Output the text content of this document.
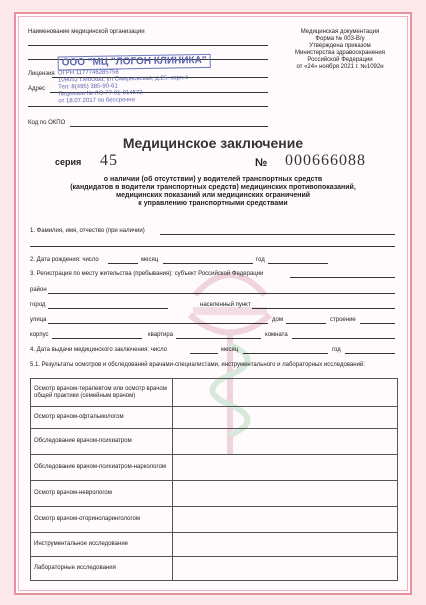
Наименование медицинской организации
Лицензия
Адрес
Код по ОКПО
Медицинская документация
Форма № 003-В/у
Утверждена приказом
Министерства здравоохранения
Российской Федерации
от «24» ноября 2021 г. №1092н
ООО "МЦ "ЛОГОН КЛИНИКА"
ОГРН 1177746285758
109052 г.Москва, ул.Смирновская, д.25, корп.4
Тел: 8(495) 385-90-61
Лицензия № ЛО-77-01-014572
от 18.07.2017 по бессрочно
Медицинское заключение
серия 45	№ 000666088
о наличии (об отсутствии) у водителей транспортных средств
(кандидатов в водители транспортных средств) медицинских противопоказаний,
медицинских показаний или медицинских ограничений
к управлению транспортными средствами
1. Фамилия, имя, отчество (при наличии)
2. Дата рождения: число	месяц	год
3. Регистрация по месту жительства (пребывания): субъект Российской Федерации
район
город	населенный пункт
улица	дом	строение
корпус	квартира	комната
4. Дата выдачи медицинского заключения: число	месяц	год
5.1. Результаты осмотров и обследований врачами-специалистами, инструментального и лабораторных исследований:
Осмотр врачом-терапевтом или осмотр врачом общей практики (семейным врачом)	
Осмотр врачом-офтальмологом	
Обследование врачом-психиатром	
Обследование врачом-психиатром-наркологом	
Осмотр врачом-неврологом	
Осмотр врачом-оториноларингологом	
Инструментальное исследование	
Лабораторные исследования	
